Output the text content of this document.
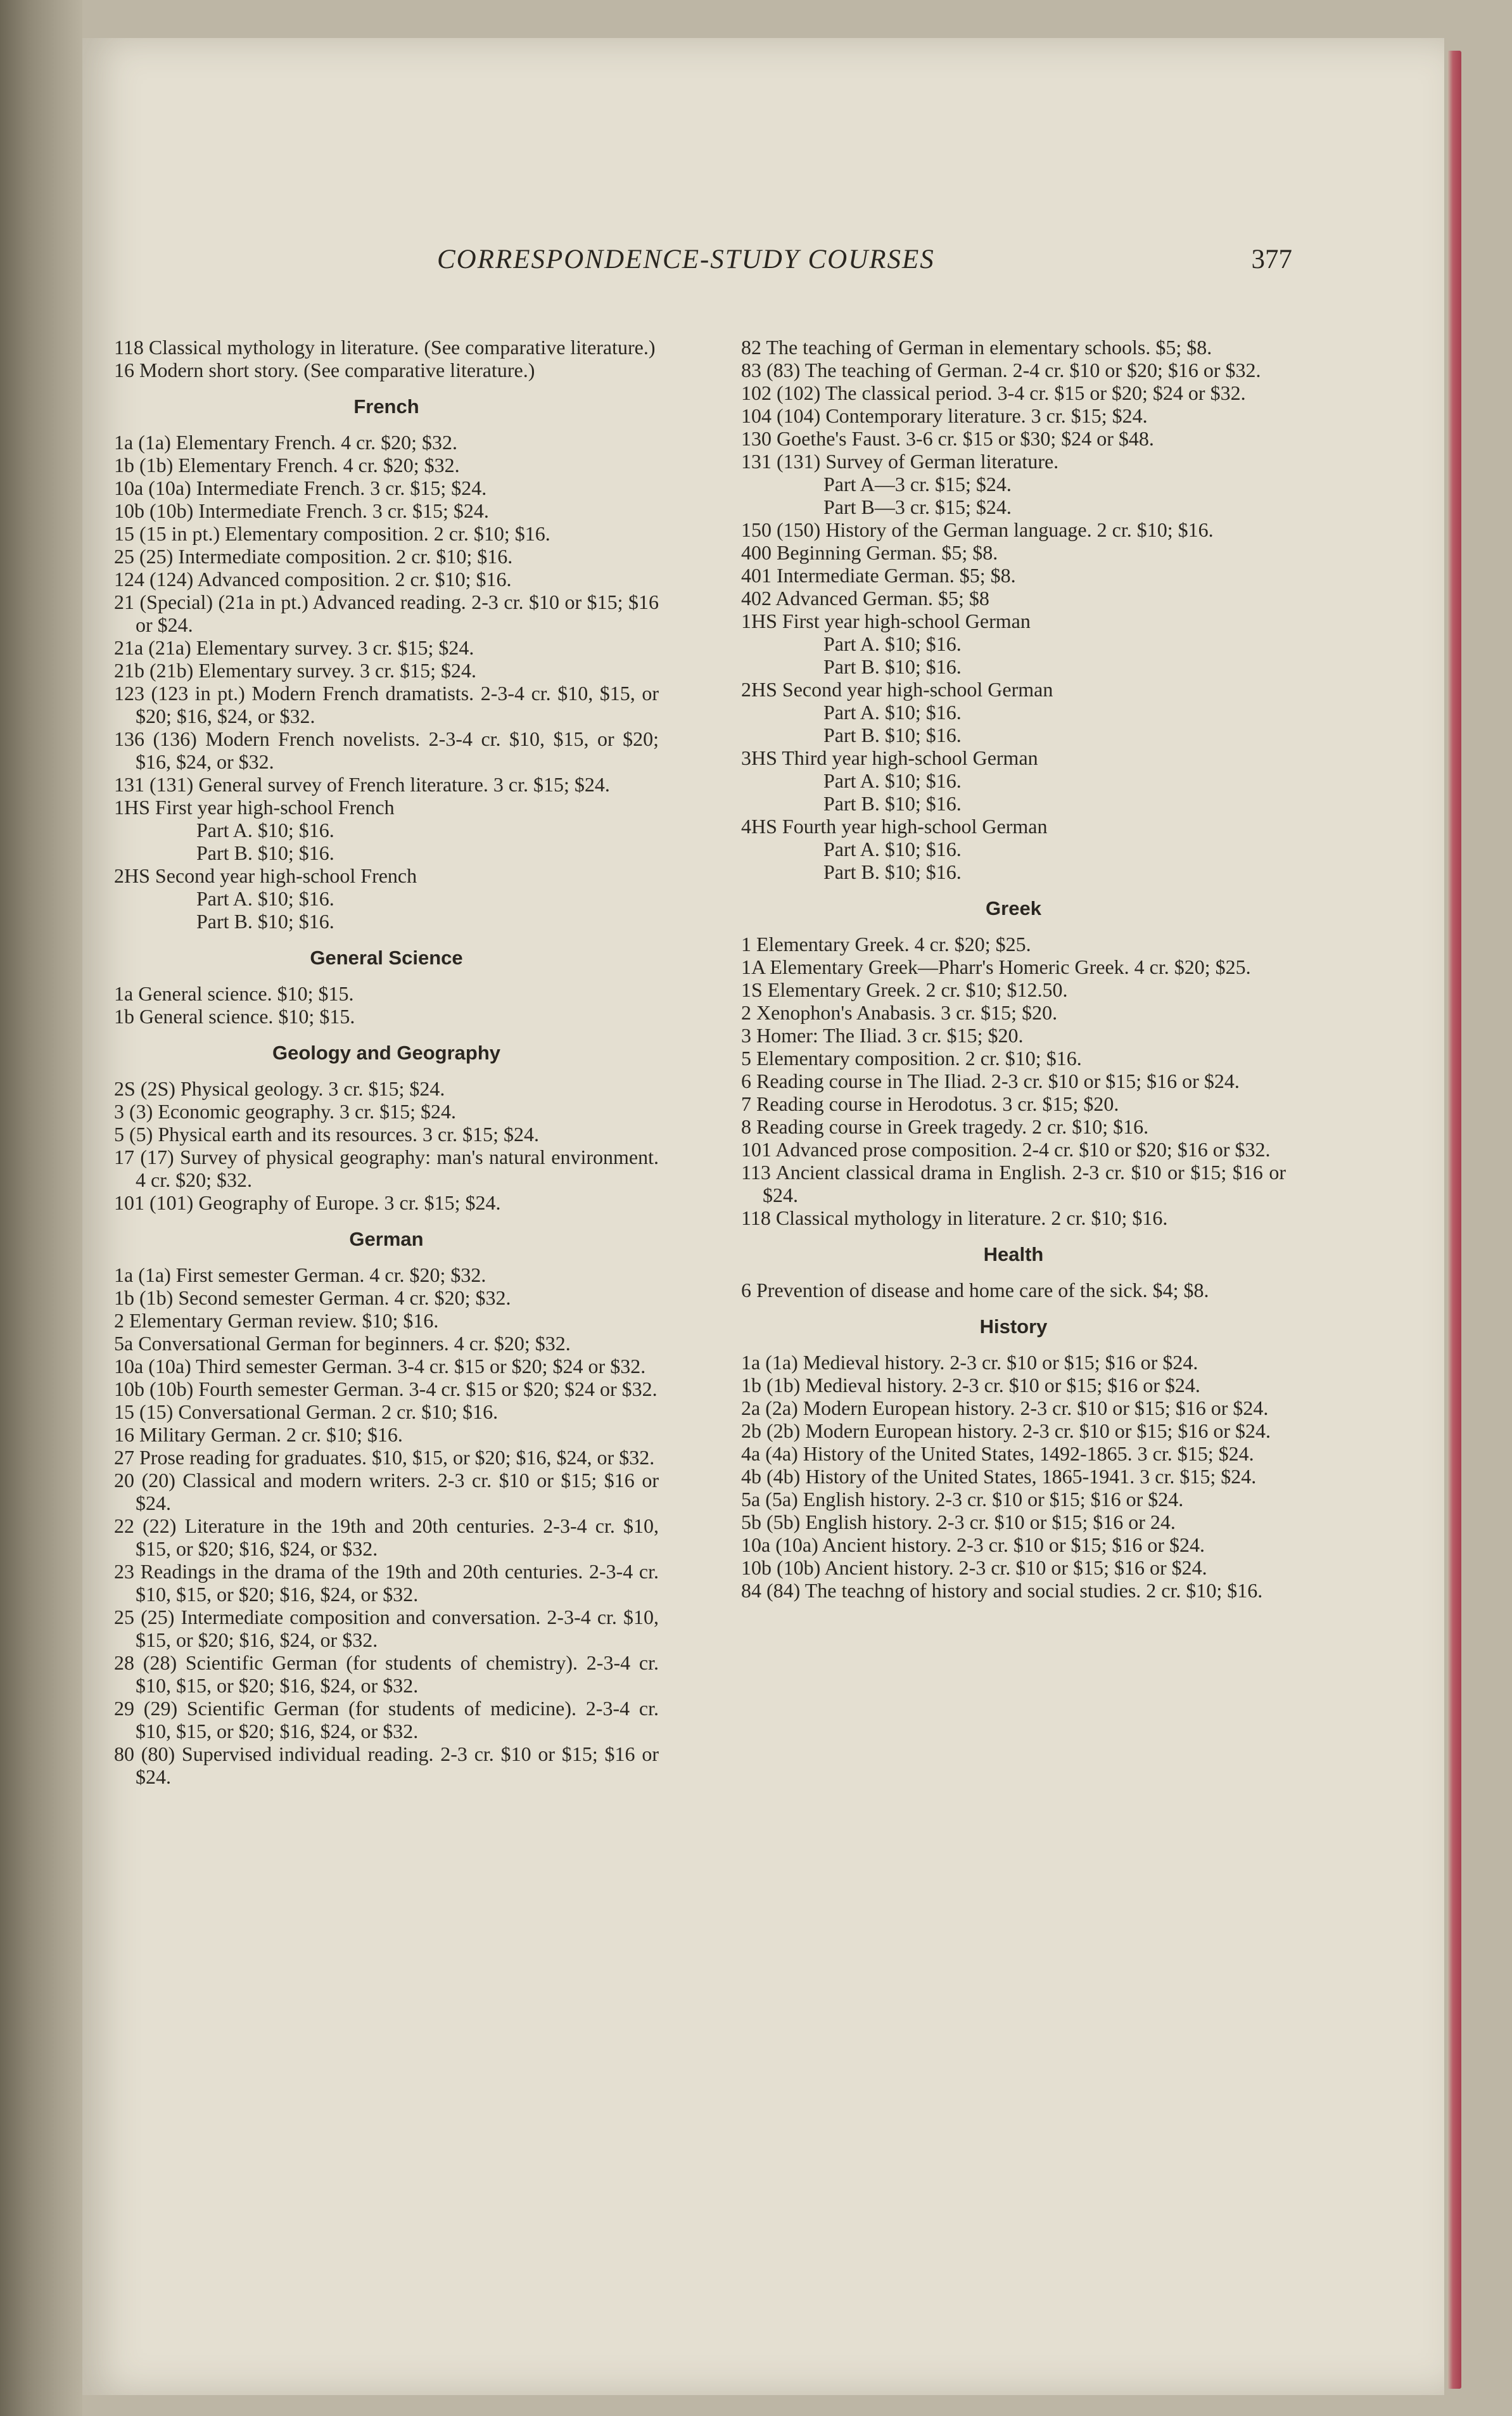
CORRESPONDENCE-STUDY COURSES	377
118 Classical mythology in literature. (See comparative literature.)
16 Modern short story. (See comparative literature.)
French
1a (1a) Elementary French. 4 cr. $20; $32.
1b (1b) Elementary French. 4 cr. $20; $32.
10a (10a) Intermediate French. 3 cr. $15; $24.
10b (10b) Intermediate French. 3 cr. $15; $24.
15 (15 in pt.) Elementary composition. 2 cr. $10; $16.
25 (25) Intermediate composition. 2 cr. $10; $16.
124 (124) Advanced composition. 2 cr. $10; $16.
21 (Special) (21a in pt.) Advanced reading. 2-3 cr. $10 or $15; $16 or $24.
21a (21a) Elementary survey. 3 cr. $15; $24.
21b (21b) Elementary survey. 3 cr. $15; $24.
123 (123 in pt.) Modern French dramatists. 2-3-4 cr. $10, $15, or $20; $16, $24, or $32.
136 (136) Modern French novelists. 2-3-4 cr. $10, $15, or $20; $16, $24, or $32.
131 (131) General survey of French literature. 3 cr. $15; $24.
1HS First year high-school French
Part A. $10; $16.
Part B. $10; $16.
2HS Second year high-school French
Part A. $10; $16.
Part B. $10; $16.
General Science
1a General science. $10; $15.
1b General science. $10; $15.
Geology and Geography
2S (2S) Physical geology. 3 cr. $15; $24.
3 (3) Economic geography. 3 cr. $15; $24.
5 (5) Physical earth and its resources. 3 cr. $15; $24.
17 (17) Survey of physical geography: man's natural environment. 4 cr. $20; $32.
101 (101) Geography of Europe. 3 cr. $15; $24.
German
1a (1a) First semester German. 4 cr. $20; $32.
1b (1b) Second semester German. 4 cr. $20; $32.
2 Elementary German review. $10; $16.
5a Conversational German for beginners. 4 cr. $20; $32.
10a (10a) Third semester German. 3-4 cr. $15 or $20; $24 or $32.
10b (10b) Fourth semester German. 3-4 cr. $15 or $20; $24 or $32.
15 (15) Conversational German. 2 cr. $10; $16.
16 Military German. 2 cr. $10; $16.
27 Prose reading for graduates. $10, $15, or $20; $16, $24, or $32.
20 (20) Classical and modern writers. 2-3 cr. $10 or $15; $16 or $24.
22 (22) Literature in the 19th and 20th centuries. 2-3-4 cr. $10, $15, or $20; $16, $24, or $32.
23 Readings in the drama of the 19th and 20th centuries. 2-3-4 cr. $10, $15, or $20; $16, $24, or $32.
25 (25) Intermediate composition and conversation. 2-3-4 cr. $10, $15, or $20; $16, $24, or $32.
28 (28) Scientific German (for students of chemistry). 2-3-4 cr. $10, $15, or $20; $16, $24, or $32.
29 (29) Scientific German (for students of medicine). 2-3-4 cr. $10, $15, or $20; $16, $24, or $32.
80 (80) Supervised individual reading. 2-3 cr. $10 or $15; $16 or $24.
82 The teaching of German in elementary schools. $5; $8.
83 (83) The teaching of German. 2-4 cr. $10 or $20; $16 or $32.
102 (102) The classical period. 3-4 cr. $15 or $20; $24 or $32.
104 (104) Contemporary literature. 3 cr. $15; $24.
130 Goethe's Faust. 3-6 cr. $15 or $30; $24 or $48.
131 (131) Survey of German literature.
Part A—3 cr. $15; $24.
Part B—3 cr. $15; $24.
150 (150) History of the German language. 2 cr. $10; $16.
400 Beginning German. $5; $8.
401 Intermediate German. $5; $8.
402 Advanced German. $5; $8
1HS First year high-school German
Part A. $10; $16.
Part B. $10; $16.
2HS Second year high-school German
Part A. $10; $16.
Part B. $10; $16.
3HS Third year high-school German
Part A. $10; $16.
Part B. $10; $16.
4HS Fourth year high-school German
Part A. $10; $16.
Part B. $10; $16.
Greek
1 Elementary Greek. 4 cr. $20; $25.
1A Elementary Greek—Pharr's Homeric Greek. 4 cr. $20; $25.
1S Elementary Greek. 2 cr. $10; $12.50.
2 Xenophon's Anabasis. 3 cr. $15; $20.
3 Homer: The Iliad. 3 cr. $15; $20.
5 Elementary composition. 2 cr. $10; $16.
6 Reading course in The Iliad. 2-3 cr. $10 or $15; $16 or $24.
7 Reading course in Herodotus. 3 cr. $15; $20.
8 Reading course in Greek tragedy. 2 cr. $10; $16.
101 Advanced prose composition. 2-4 cr. $10 or $20; $16 or $32.
113 Ancient classical drama in English. 2-3 cr. $10 or $15; $16 or $24.
118 Classical mythology in literature. 2 cr. $10; $16.
Health
6 Prevention of disease and home care of the sick. $4; $8.
History
1a (1a) Medieval history. 2-3 cr. $10 or $15; $16 or $24.
1b (1b) Medieval history. 2-3 cr. $10 or $15; $16 or $24.
2a (2a) Modern European history. 2-3 cr. $10 or $15; $16 or $24.
2b (2b) Modern European history. 2-3 cr. $10 or $15; $16 or $24.
4a (4a) History of the United States, 1492-1865. 3 cr. $15; $24.
4b (4b) History of the United States, 1865-1941. 3 cr. $15; $24.
5a (5a) English history. 2-3 cr. $10 or $15; $16 or $24.
5b (5b) English history. 2-3 cr. $10 or $15; $16 or 24.
10a (10a) Ancient history. 2-3 cr. $10 or $15; $16 or $24.
10b (10b) Ancient history. 2-3 cr. $10 or $15; $16 or $24.
84 (84) The teachng of history and social studies. 2 cr. $10; $16.
